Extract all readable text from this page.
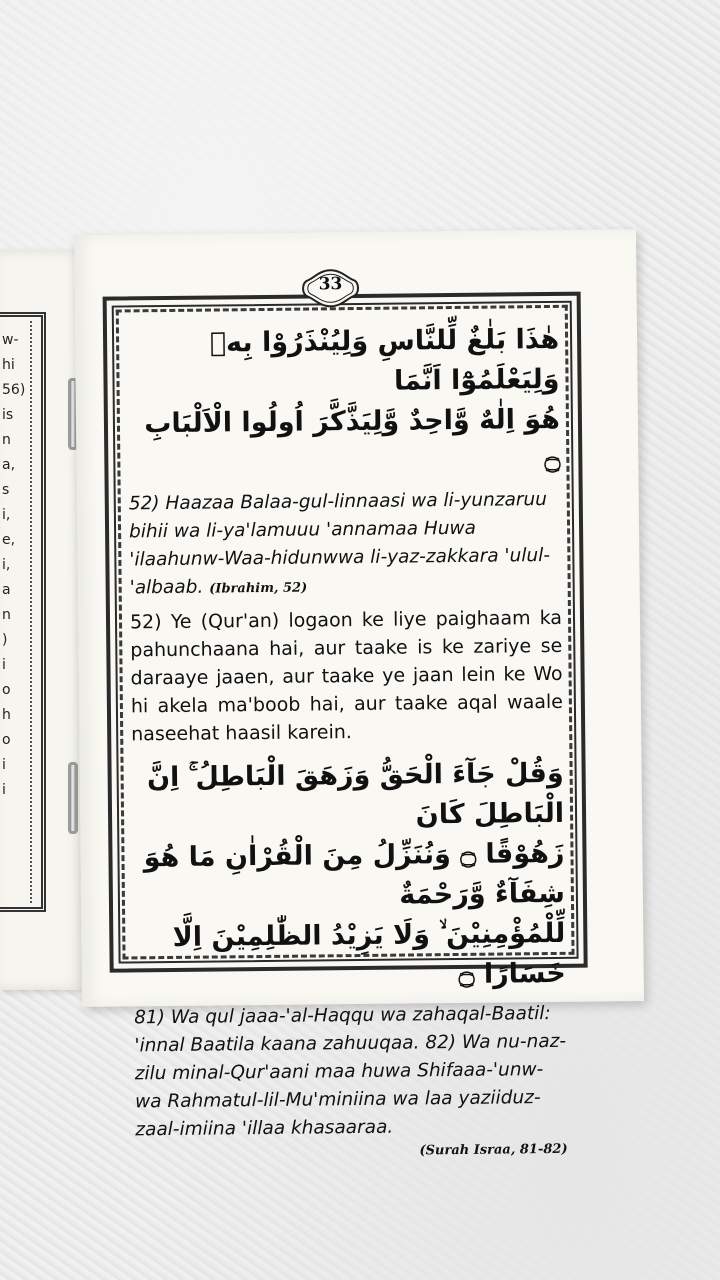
w-
hi
56)
is
n
a,
s
i,
e,
i,
a
n
)
i
o
h
o
i
i
33
هٰذَا بَلٰغٌ لِّلنَّاسِ وَلِيُنْذَرُوْا بِهٖ وَلِيَعْلَمُوْٓا اَنَّمَا
هُوَ اِلٰهٌ وَّاحِدٌ وَّلِيَذَّكَّرَ اُولُوا الْاَلْبَابِ ۝

52) Haazaa Balaa-gul-linnaasi wa li-yunzaruu bihii wa li-ya'lamuuu 'annamaa Huwa 'ilaahunw-Waa-hidunwwa li-yaz-zakkara 'ulul- 'albaab. (Ibrahim, 52)

52) Ye (Qur'an) logaon ke liye paighaam ka pahunchaana hai, aur taake is ke zariye se daraaye jaaen, aur taake ye jaan lein ke Wo hi akela ma'boob hai, aur taake aqal waale naseehat haasil karein.

وَقُلْ جَآءَ الْحَقُّ وَزَهَقَ الْبَاطِلُ ۚ اِنَّ الْبَاطِلَ كَانَ
زَهُوْقًا ۝ وَنُنَزِّلُ مِنَ الْقُرْاٰنِ مَا هُوَ شِفَآءٌ وَّرَحْمَةٌ
لِّلْمُؤْمِنِيْنَ ۙ وَلَا يَزِيْدُ الظّٰلِمِيْنَ اِلَّا خَسَارًا ۝

81) Wa qul jaaa-'al-Haqqu wa zahaqal-Baatil: 'innal Baatila kaana zahuuqaa. 82) Wa nu-naz-zilu minal-Qur'aani maa huwa Shifaaa-'unw-wa Rahmatul-lil-Mu'miniina wa laa yaziiduz-zaal-imiina 'illaa khasaaraa.
(Surah Israa, 81-82)
